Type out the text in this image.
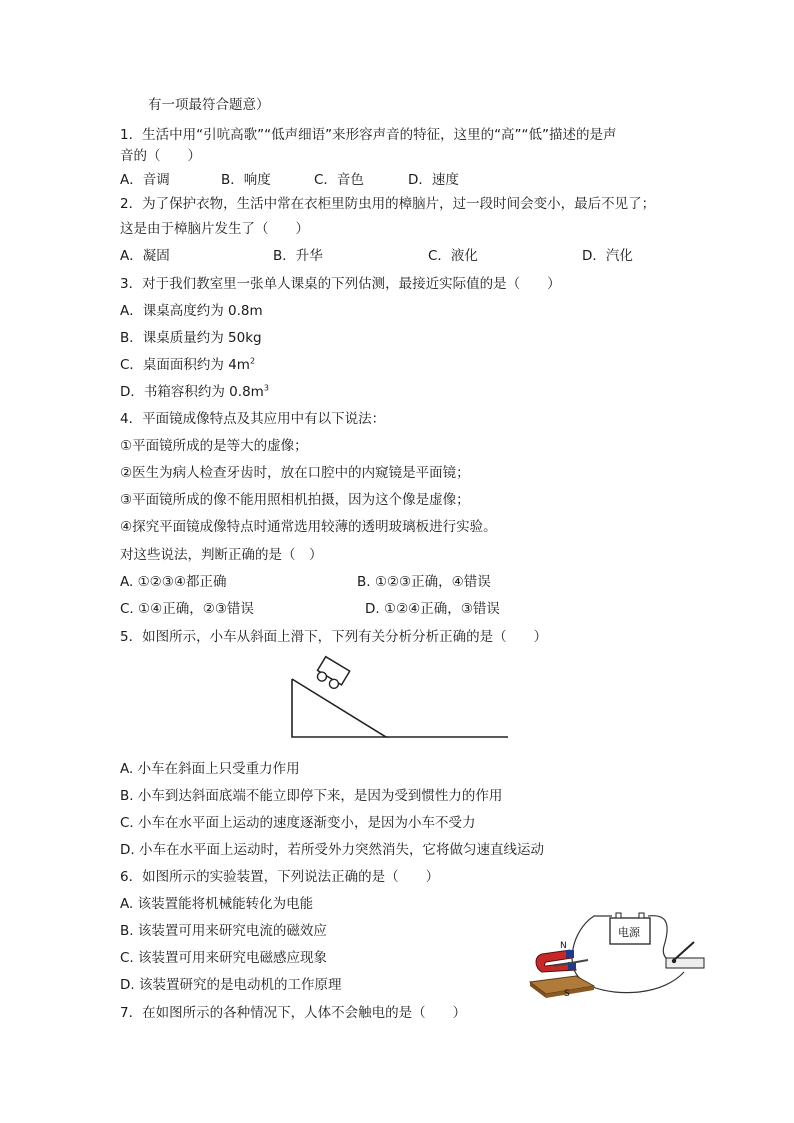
有一项最符合题意）
1．生活中用“引吭高歌”“低声细语”来形容声音的特征，这里的“高”“低”描述的是声
音的（　　）
A．音调	B．响度	C．音色	D．速度
2．为了保护衣物，生活中常在衣柜里防虫用的樟脑片，过一段时间会变小，最后不见了；
这是由于樟脑片发生了（　　）
A．凝固	B．升华	C．液化	D．汽化
3．对于我们教室里一张单人课桌的下列估测，最接近实际值的是（　　）
A．课桌高度约为 0.8m
B．课桌质量约为 50kg
C．桌面面积约为 $4m^2$
D．书箱容积约为 $0.8m^3$
4．平面镜成像特点及其应用中有以下说法：
①平面镜所成的是等大的虚像；
②医生为病人检查牙齿时，放在口腔中的内窥镜是平面镜；
③平面镜所成的像不能用照相机拍摄，因为这个像是虚像；
④探究平面镜成像特点时通常选用较薄的透明玻璃板进行实验。
对这些说法，判断正确的是（　）
A. ①②③④都正确	B. ①②③正确，④错误
C. ①④正确，②③错误	D. ①②④正确，③错误
5．如图所示，小车从斜面上滑下，下列有关分析分析正确的是（　　）
A. 小车在斜面上只受重力作用
B. 小车到达斜面底端不能立即停下来，是因为受到惯性力的作用
C. 小车在水平面上运动的速度逐渐变小，是因为小车不受力
D. 小车在水平面上运动时，若所受外力突然消失，它将做匀速直线运动
6．如图所示的实验装置，下列说法正确的是（　　）
A. 该装置能将机械能转化为电能
B. 该装置可用来研究电流的磁效应
C. 该装置可用来研究电磁感应现象
D. 该装置研究的是电动机的工作原理
电源
N
S
7．在如图所示的各种情况下，人体不会触电的是（　　）
